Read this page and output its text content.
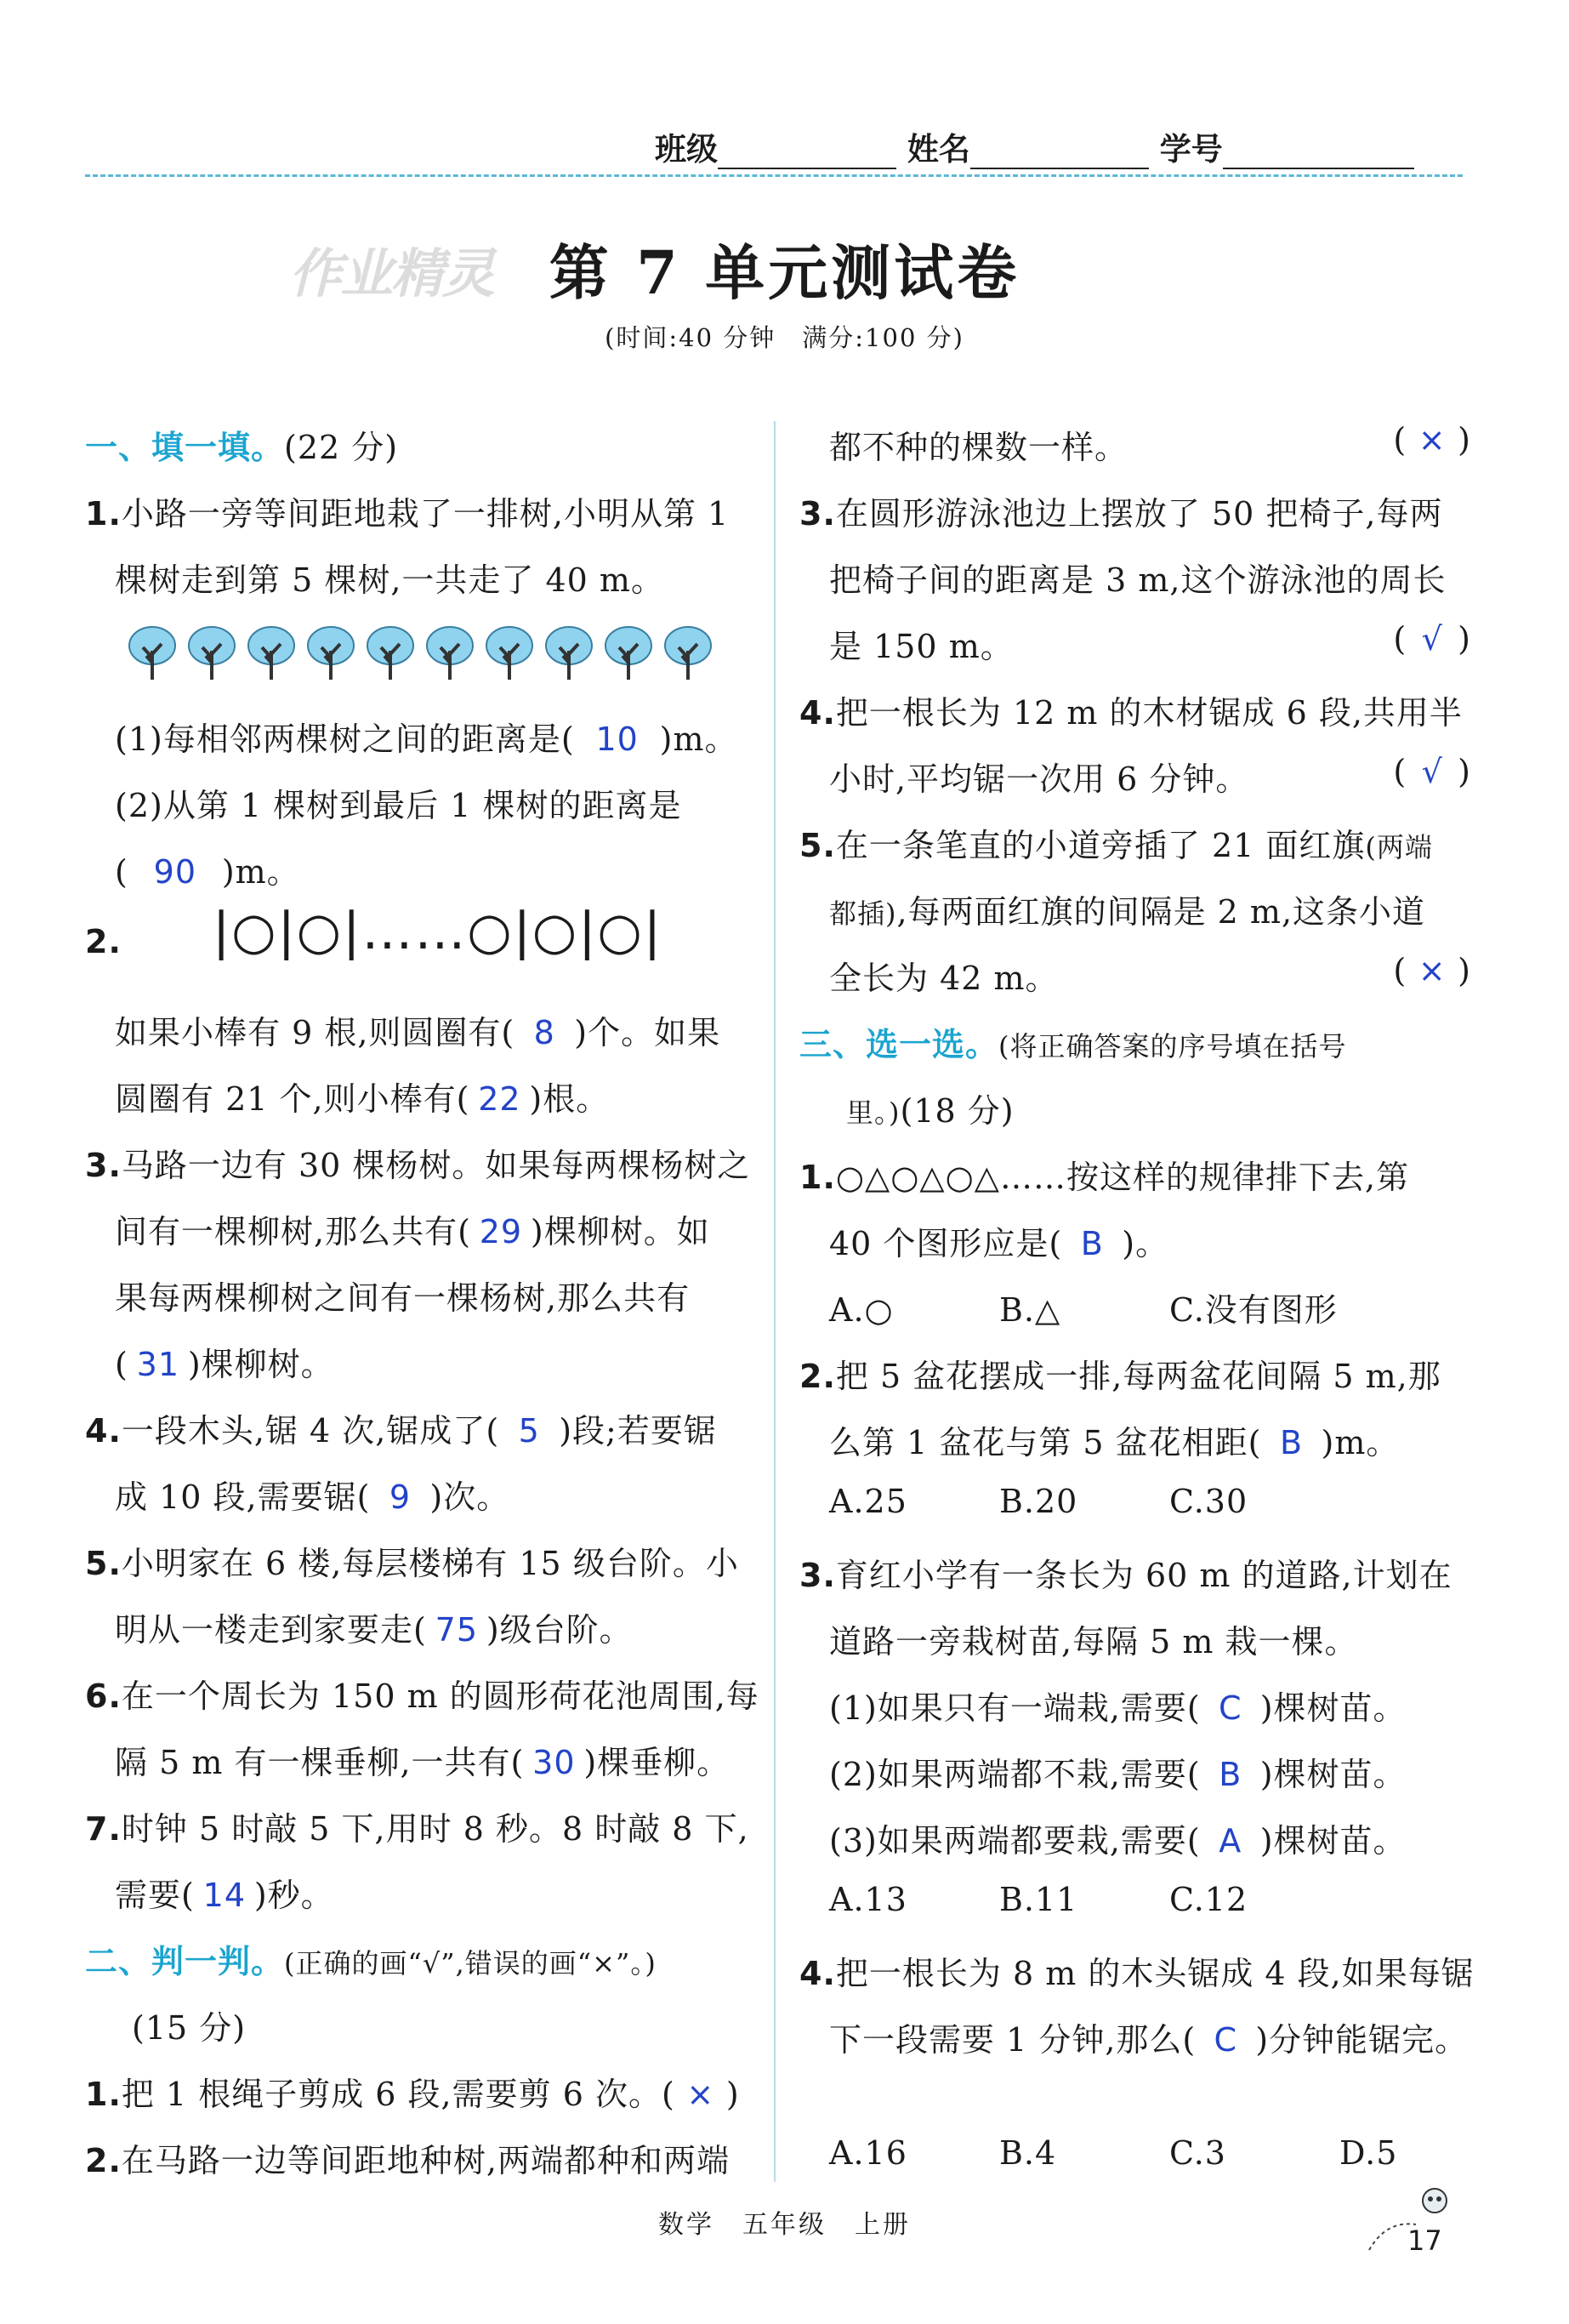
班级	姓名	学号
作业精灵 第 7 单元测试卷
(时间:40 分钟　满分:100 分)
一、填一填。(22 分)
1.小路一旁等间距地栽了一排树,小明从第 1
棵树走到第 5 棵树,一共走了 40 m。
(1)每相邻两棵树之间的距离是( 10 )m。
(2)从第 1 棵树到最后 1 棵树的距离是
( 90 )m。
2. |○|○|……○|○|○|
如果小棒有 9 根,则圆圈有( 8 )个。如果
圆圈有 21 个,则小棒有( 22 )根。
3.马路一边有 30 棵杨树。如果每两棵杨树之
间有一棵柳树,那么共有( 29 )棵柳树。如
果每两棵柳树之间有一棵杨树,那么共有
( 31 )棵柳树。
4.一段木头,锯 4 次,锯成了( 5 )段;若要锯
成 10 段,需要锯( 9 )次。
5.小明家在 6 楼,每层楼梯有 15 级台阶。小
明从一楼走到家要走( 75 )级台阶。
6.在一个周长为 150 m 的圆形荷花池周围,每
隔 5 m 有一棵垂柳,一共有( 30 )棵垂柳。
7.时钟 5 时敲 5 下,用时 8 秒。8 时敲 8 下,
需要( 14 )秒。
二、判一判。(正确的画“√”,错误的画“×”。)
(15 分)
1.把 1 根绳子剪成 6 段,需要剪 6 次。( × )
2.在马路一边等间距地种树,两端都种和两端
都不种的棵数一样。	( × )
3.在圆形游泳池边上摆放了 50 把椅子,每两
把椅子间的距离是 3 m,这个游泳池的周长
是 150 m。	( √ )
4.把一根长为 12 m 的木材锯成 6 段,共用半
小时,平均锯一次用 6 分钟。	( √ )
5.在一条笔直的小道旁插了 21 面红旗(两端
都插),每两面红旗的间隔是 2 m,这条小道
全长为 42 m。	( × )
三、选一选。(将正确答案的序号填在括号
里。)(18 分)
1.○△○△○△……按这样的规律排下去,第
40 个图形应是( B )。
A.○	B.△	C.没有图形
2.把 5 盆花摆成一排,每两盆花间隔 5 m,那
么第 1 盆花与第 5 盆花相距( B )m。
A.25	B.20	C.30
3.育红小学有一条长为 60 m 的道路,计划在
道路一旁栽树苗,每隔 5 m 栽一棵。
(1)如果只有一端栽,需要( C )棵树苗。
(2)如果两端都不栽,需要( B )棵树苗。
(3)如果两端都要栽,需要( A )棵树苗。
A.13	B.11	C.12
4.把一根长为 8 m 的木头锯成 4 段,如果每锯
下一段需要 1 分钟,那么( C )分钟能锯完。
A.16	B.4	C.3	D.5
数学　五年级　上册	17
